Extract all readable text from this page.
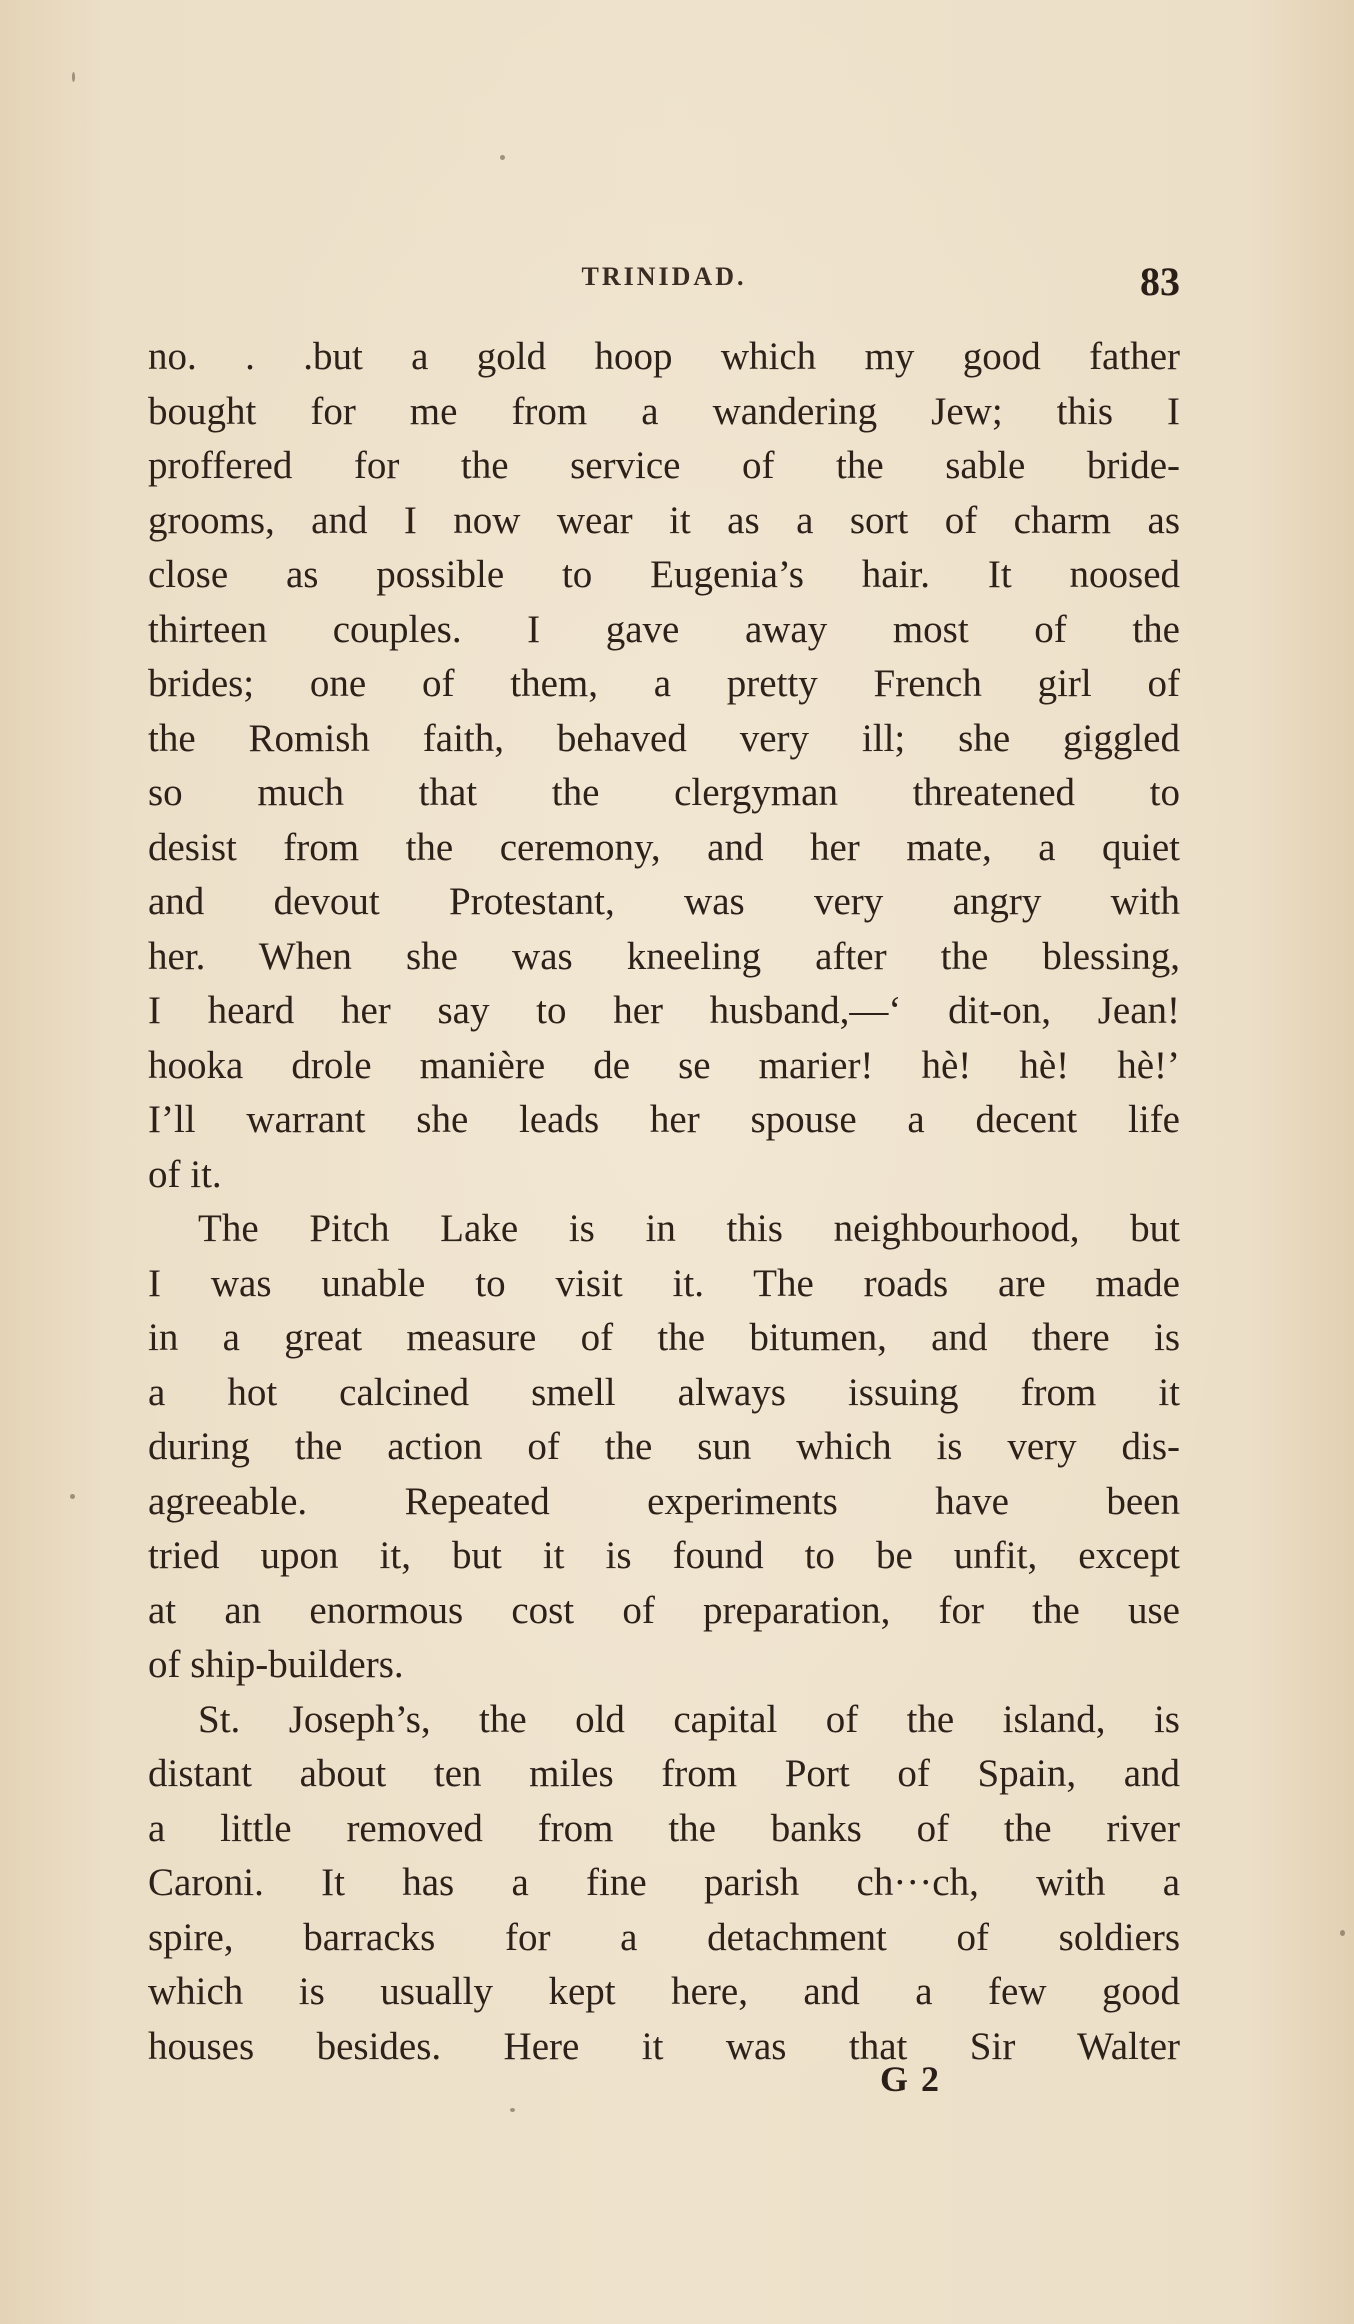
TRINIDAD.	83
no. . .but a gold hoop which my good father
bought for me from a wandering Jew; this I
proffered for the service of the sable bride-
grooms, and I now wear it as a sort of charm as
close as possible to Eugenia’s hair. It noosed
thirteen couples. I gave away most of the
brides; one of them, a pretty French girl of
the Romish faith, behaved very ill; she giggled
so much that the clergyman threatened to
desist from the ceremony, and her mate, a quiet
and devout Protestant, was very angry with
her. When she was kneeling after the blessing,
I heard her say to her husband,—‘ dit-on, Jean!
hooka drole manière de se marier! hè! hè! hè!’
I’ll warrant she leads her spouse a decent life
of it.
The Pitch Lake is in this neighbourhood, but
I was unable to visit it. The roads are made
in a great measure of the bitumen, and there is
a hot calcined smell always issuing from it
during the action of the sun which is very dis-
agreeable. Repeated experiments have been
tried upon it, but it is found to be unfit, except
at an enormous cost of preparation, for the use
of ship-builders.
St. Joseph’s, the old capital of the island, is
distant about ten miles from Port of Spain, and
a little removed from the banks of the river
Caroni. It has a fine parish ch···ch, with a
spire, barracks for a detachment of soldiers
which is usually kept here, and a few good
houses besides. Here it was that Sir Walter
G 2
